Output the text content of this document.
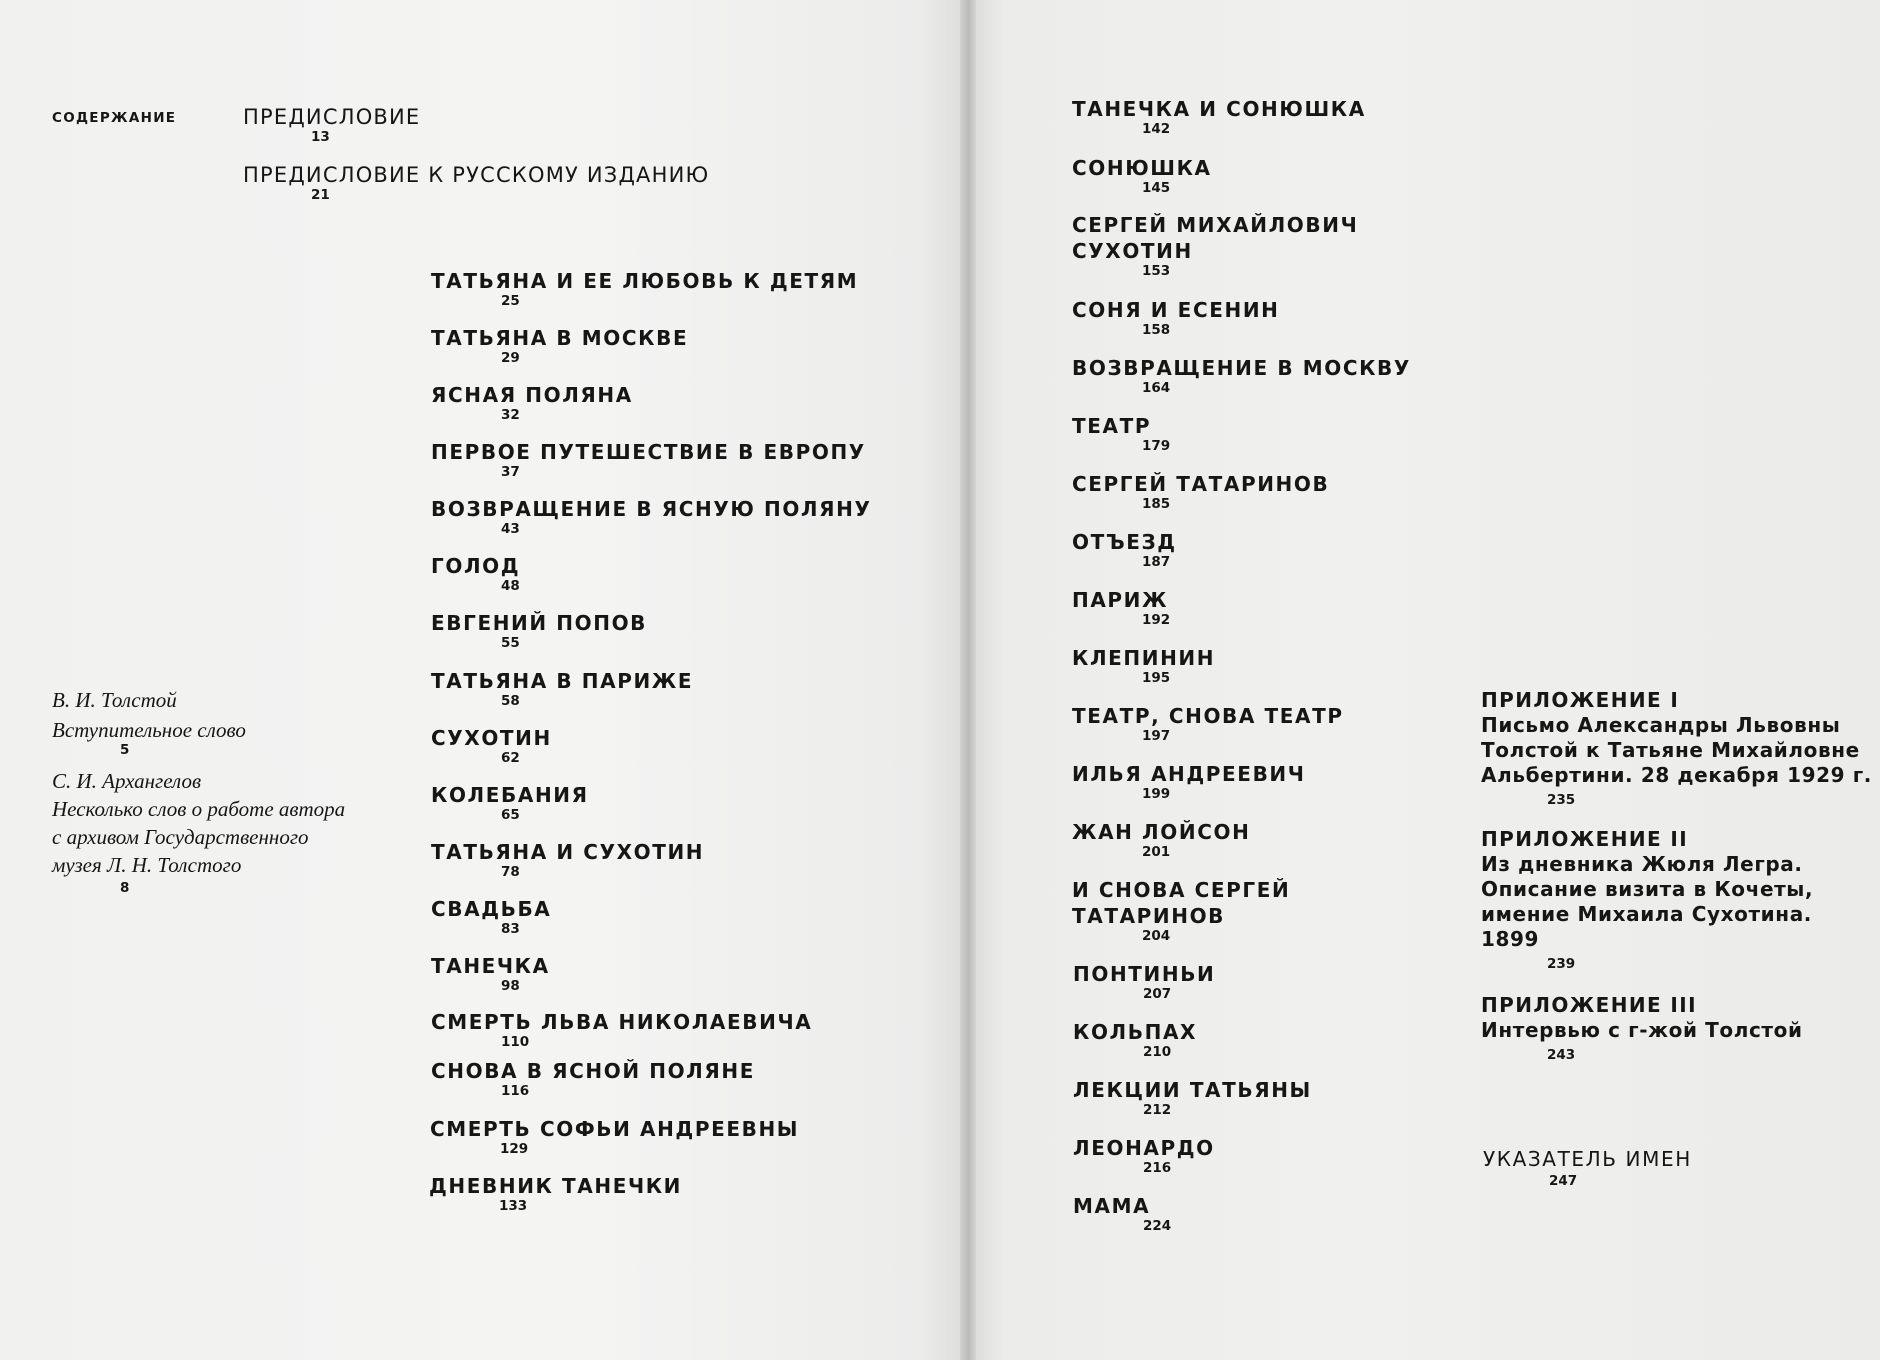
СОДЕРЖАНИЕ	ПРЕДИСЛОВИЕ
13
ПРЕДИСЛОВИЕ К РУССКОМУ ИЗДАНИЮ
21
В. И. Толстой
Вступительное слово
5
С. И. Архангелов
Несколько слов о работе автора
с архивом Государственного
музея Л. Н. Толстого
8
ТАТЬЯНА И ЕЕ ЛЮБОВЬ К ДЕТЯМ
25
ТАТЬЯНА В МОСКВЕ
29
ЯСНАЯ ПОЛЯНА
32
ПЕРВОЕ ПУТЕШЕСТВИЕ В ЕВРОПУ
37
ВОЗВРАЩЕНИЕ В ЯСНУЮ ПОЛЯНУ
43
ГОЛОД
48
ЕВГЕНИЙ ПОПОВ
55
ТАТЬЯНА В ПАРИЖЕ
58
СУХОТИН
62
КОЛЕБАНИЯ
65
ТАТЬЯНА И СУХОТИН
78
СВАДЬБА
83
ТАНЕЧКА
98
СМЕРТЬ ЛЬВА НИКОЛАЕВИЧА
110
СНОВА В ЯСНОЙ ПОЛЯНЕ
116
СМЕРТЬ СОФЬИ АНДРЕЕВНЫ
129
ДНЕВНИК ТАНЕЧКИ
133
ТАНЕЧКА И СОНЮШКА
142
СОНЮШКА
145
СЕРГЕЙ МИХАЙЛОВИЧ
СУХОТИН
153
СОНЯ И ЕСЕНИН
158
ВОЗВРАЩЕНИЕ В МОСКВУ
164
ТЕАТР
179
СЕРГЕЙ ТАТАРИНОВ
185
ОТЪЕЗД
187
ПАРИЖ
192
КЛЕПИНИН
195
ТЕАТР, СНОВА ТЕАТР
197
ИЛЬЯ АНДРЕЕВИЧ
199
ЖАН ЛОЙСОН
201
И СНОВА СЕРГЕЙ
ТАТАРИНОВ
204
ПОНТИНЬИ
207
КОЛЬПАХ
210
ЛЕКЦИИ ТАТЬЯНЫ
212
ЛЕОНАРДО
216
МАМА
224
ПРИЛОЖЕНИЕ I
Письмо Александры Львовны
Толстой к Татьяне Михайловне
Альбертини. 28 декабря 1929 г.
235
ПРИЛОЖЕНИЕ II
Из дневника Жюля Легра.
Описание визита в Кочеты,
имение Михаила Сухотина.
1899
239
ПРИЛОЖЕНИЕ III
Интервью с г-жой Толстой
243
УКАЗАТЕЛЬ ИМЕН
247
